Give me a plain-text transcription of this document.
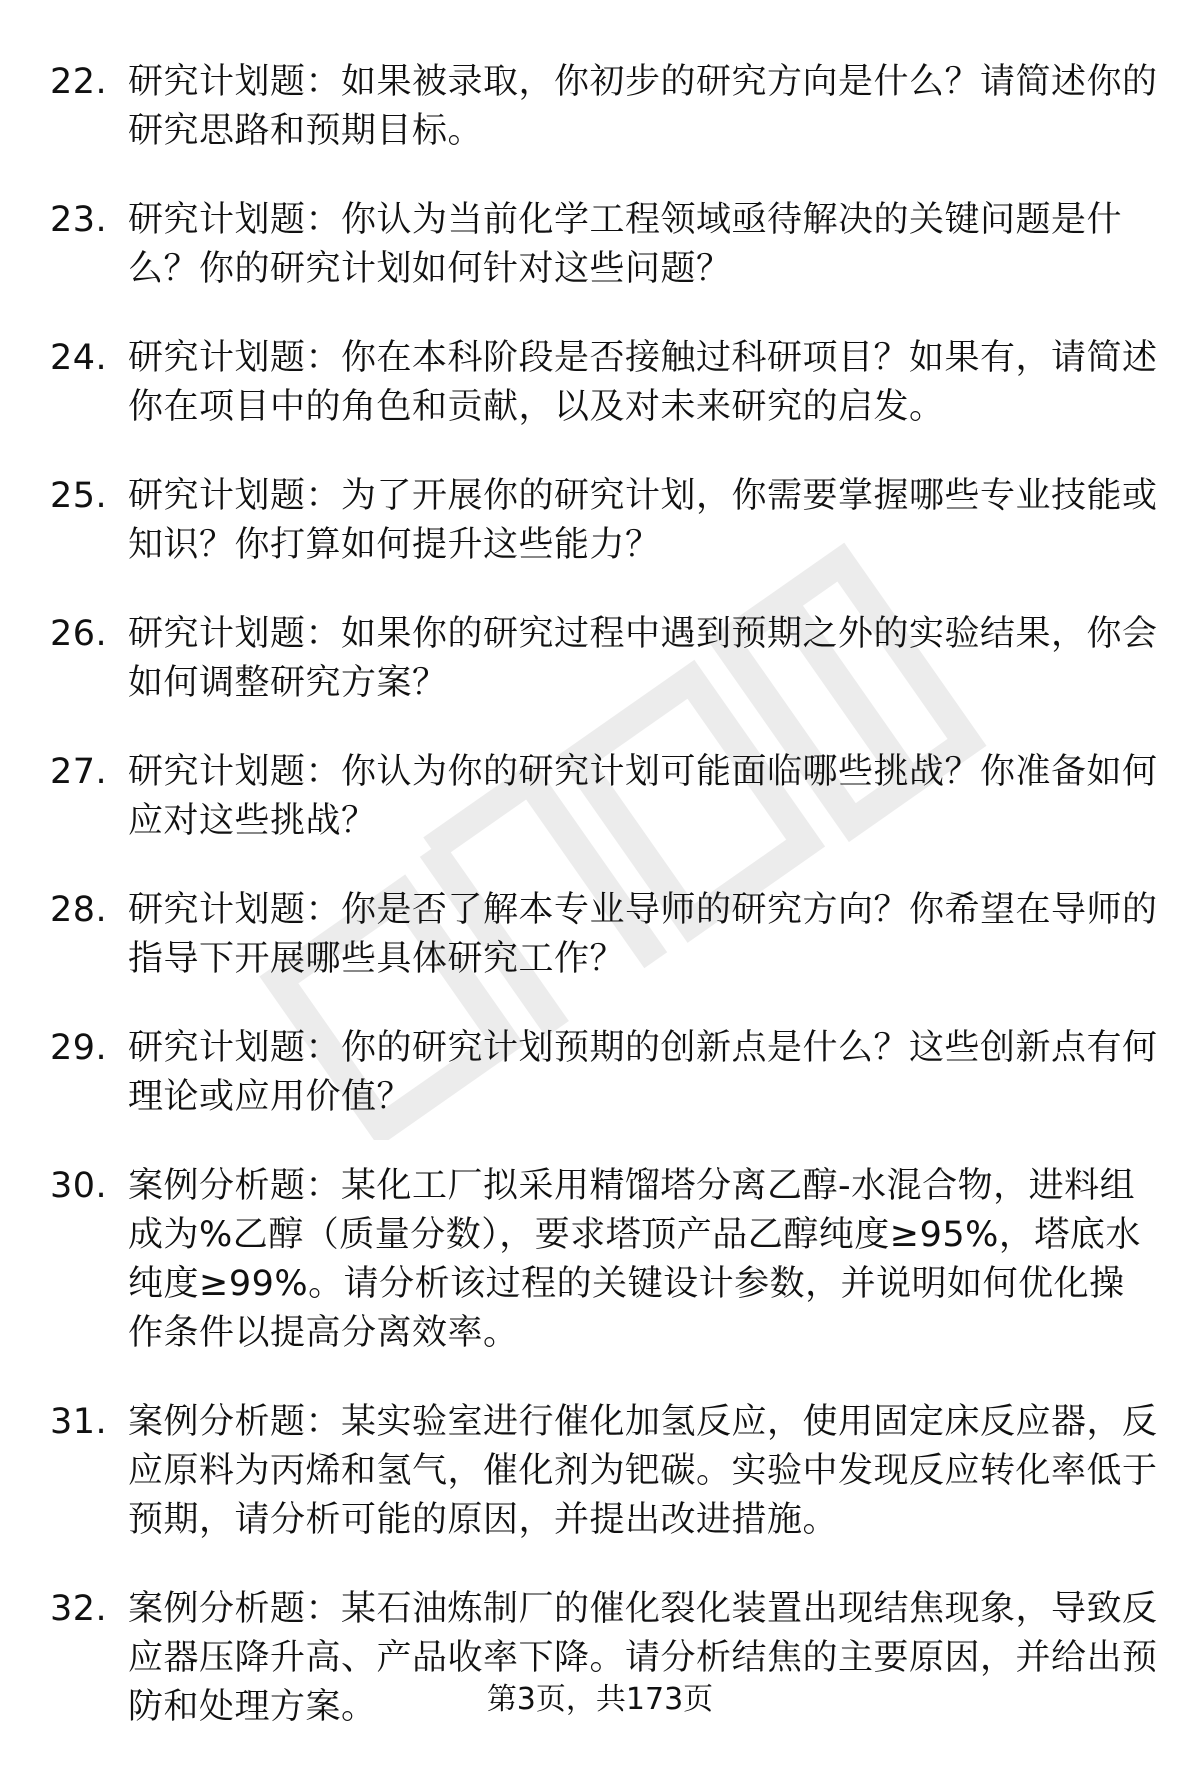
22. 研究计划题：如果被录取，你初步的研究方向是什么？请简述你的研究思路和预期目标。
23. 研究计划题：你认为当前化学工程领域亟待解决的关键问题是什么？你的研究计划如何针对这些问题？
24. 研究计划题：你在本科阶段是否接触过科研项目？如果有，请简述你在项目中的角色和贡献，以及对未来研究的启发。
25. 研究计划题：为了开展你的研究计划，你需要掌握哪些专业技能或知识？你打算如何提升这些能力？
26. 研究计划题：如果你的研究过程中遇到预期之外的实验结果，你会如何调整研究方案？
27. 研究计划题：你认为你的研究计划可能面临哪些挑战？你准备如何应对这些挑战？
28. 研究计划题：你是否了解本专业导师的研究方向？你希望在导师的指导下开展哪些具体研究工作？
29. 研究计划题：你的研究计划预期的创新点是什么？这些创新点有何理论或应用价值？
30. 案例分析题：某化工厂拟采用精馏塔分离乙醇-水混合物，进料组成为%乙醇（质量分数），要求塔顶产品乙醇纯度≥95%，塔底水纯度≥99%。请分析该过程的关键设计参数，并说明如何优化操作条件以提高分离效率。
31. 案例分析题：某实验室进行催化加氢反应，使用固定床反应器，反应原料为丙烯和氢气，催化剂为钯碳。实验中发现反应转化率低于预期，请分析可能的原因，并提出改进措施。
32. 案例分析题：某石油炼制厂的催化裂化装置出现结焦现象，导致反应器压降升高、产品收率下降。请分析结焦的主要原因，并给出预防和处理方案。	第3页，共173页
